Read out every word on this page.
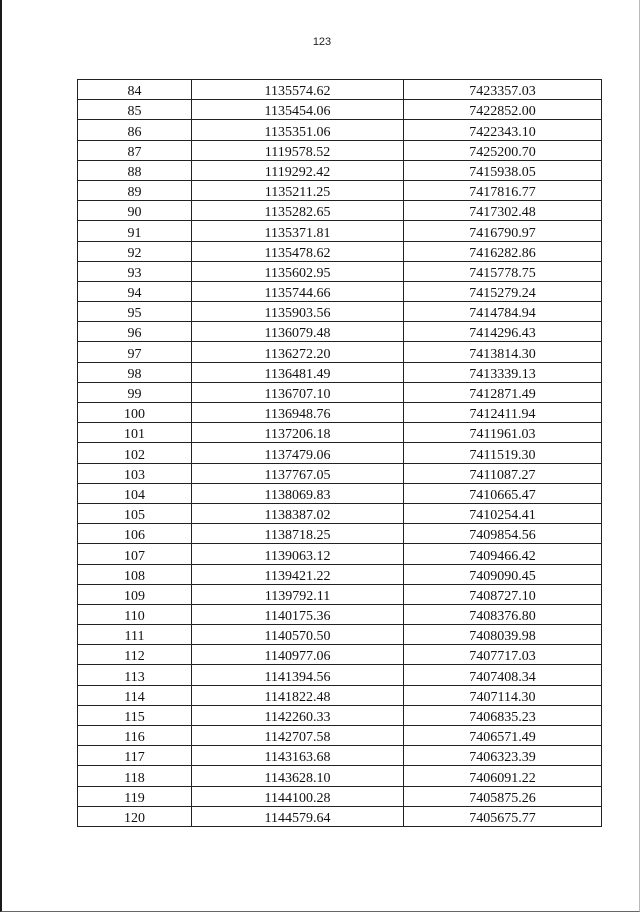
123
84	1135574.62	7423357.03
85	1135454.06	7422852.00
86	1135351.06	7422343.10
87	1119578.52	7425200.70
88	1119292.42	7415938.05
89	1135211.25	7417816.77
90	1135282.65	7417302.48
91	1135371.81	7416790.97
92	1135478.62	7416282.86
93	1135602.95	7415778.75
94	1135744.66	7415279.24
95	1135903.56	7414784.94
96	1136079.48	7414296.43
97	1136272.20	7413814.30
98	1136481.49	7413339.13
99	1136707.10	7412871.49
100	1136948.76	7412411.94
101	1137206.18	7411961.03
102	1137479.06	7411519.30
103	1137767.05	7411087.27
104	1138069.83	7410665.47
105	1138387.02	7410254.41
106	1138718.25	7409854.56
107	1139063.12	7409466.42
108	1139421.22	7409090.45
109	1139792.11	7408727.10
110	1140175.36	7408376.80
111	1140570.50	7408039.98
112	1140977.06	7407717.03
113	1141394.56	7407408.34
114	1141822.48	7407114.30
115	1142260.33	7406835.23
116	1142707.58	7406571.49
117	1143163.68	7406323.39
118	1143628.10	7406091.22
119	1144100.28	7405875.26
120	1144579.64	7405675.77
